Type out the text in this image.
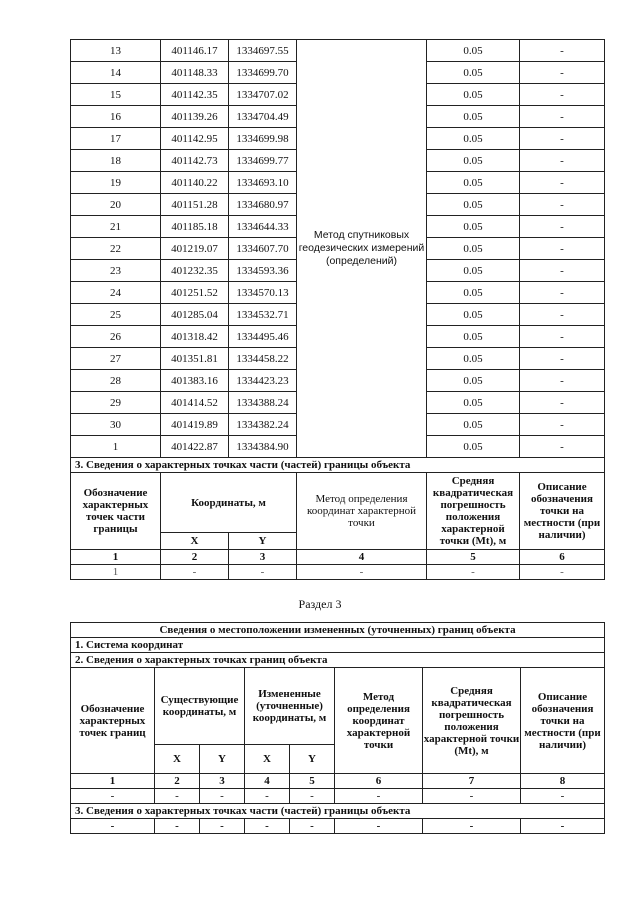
13	401146.17	1334697.55	Метод спутниковых геодезических измерений (определений)	0.05	-
14	401148.33	1334699.70		0.05	-
15	401142.35	1334707.02		0.05	-
16	401139.26	1334704.49		0.05	-
17	401142.95	1334699.98		0.05	-
18	401142.73	1334699.77		0.05	-
19	401140.22	1334693.10		0.05	-
20	401151.28	1334680.97		0.05	-
21	401185.18	1334644.33		0.05	-
22	401219.07	1334607.70		0.05	-
23	401232.35	1334593.36		0.05	-
24	401251.52	1334570.13		0.05	-
25	401285.04	1334532.71		0.05	-
26	401318.42	1334495.46		0.05	-
27	401351.81	1334458.22		0.05	-
28	401383.16	1334423.23		0.05	-
29	401414.52	1334388.24		0.05	-
30	401419.89	1334382.24		0.05	-
1	401422.87	1334384.90		0.05	-
3. Сведения о характерных точках части (частей) границы объекта					
Обозначение характерных точек части границы	Координаты, м		Метод определения координат характерной точки	Средняя квадратическая погрешность положения характерной точки (Mt), м	Описание обозначения точки на местности (при наличии)
	X	Y			
1	2	3	4	5	6
1	-	-	-	-	-
Раздел 3
Сведения о местоположении измененных (уточненных) границ объекта							
1. Система координат							
2. Сведения о характерных точках границ объекта							
Обозначение характерных точек границ	Существующие координаты, м		Измененные (уточненные) координаты, м		Метод определения координат характерной точки	Средняя квадратическая погрешность положения характерной точки (Mt), м	Описание обозначения точки на местности (при наличии)
	X	Y	X	Y			
1	2	3	4	5	6	7	8
-	-	-	-	-	-	-	-
3. Сведения о характерных точках части (частей) границы объекта							
-	-	-	-	-	-	-	-
